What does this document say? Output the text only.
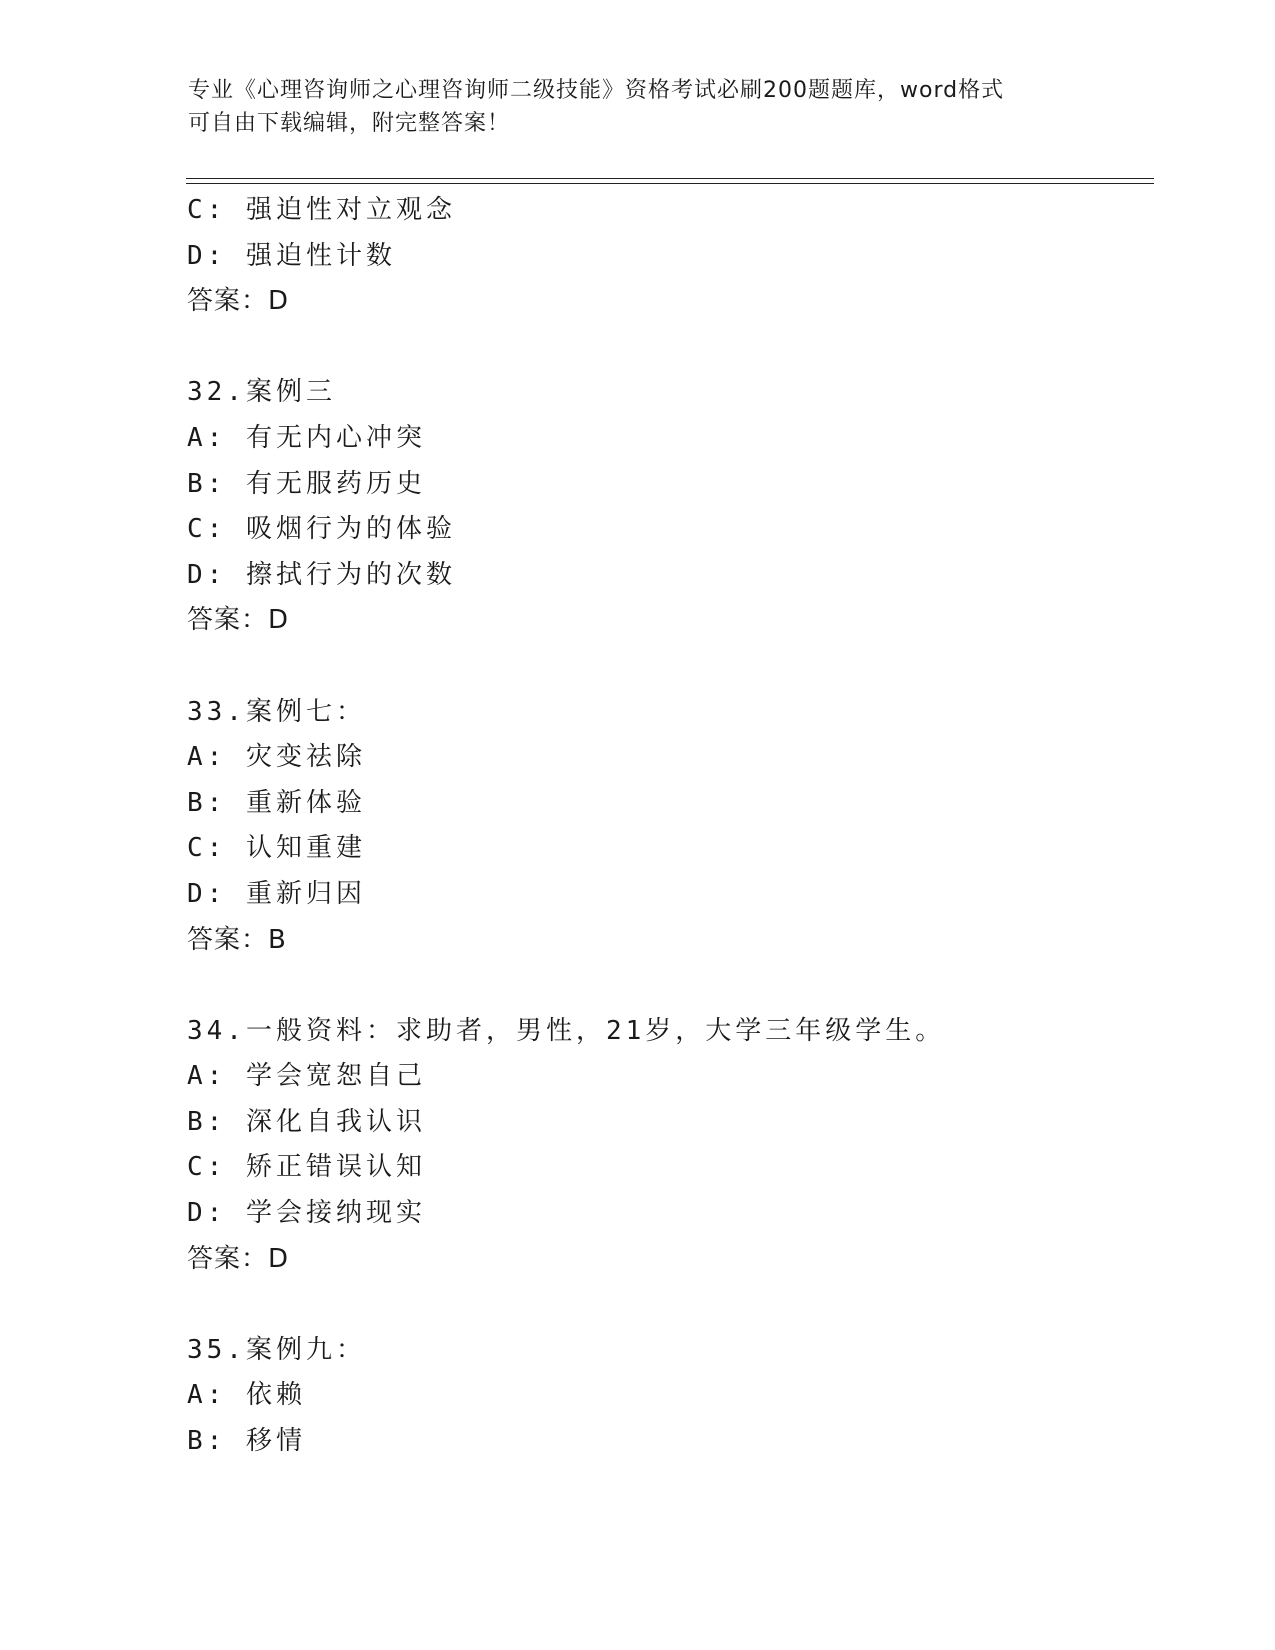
专业《心理咨询师之心理咨询师二级技能》资格考试必刷200题题库，word格式
可自由下载编辑，附完整答案！
C: 强迫性对立观念
D: 强迫性计数
答案：D
32.案例三
A: 有无内心冲突
B: 有无服药历史
C: 吸烟行为的体验
D: 擦拭行为的次数
答案：D
33.案例七：
A: 灾变祛除
B: 重新体验
C: 认知重建
D: 重新归因
答案：B
34.一般资料：求助者，男性，21岁，大学三年级学生。
A: 学会宽恕自己
B: 深化自我认识
C: 矫正错误认知
D: 学会接纳现实
答案：D
35.案例九：
A: 依赖
B: 移情
